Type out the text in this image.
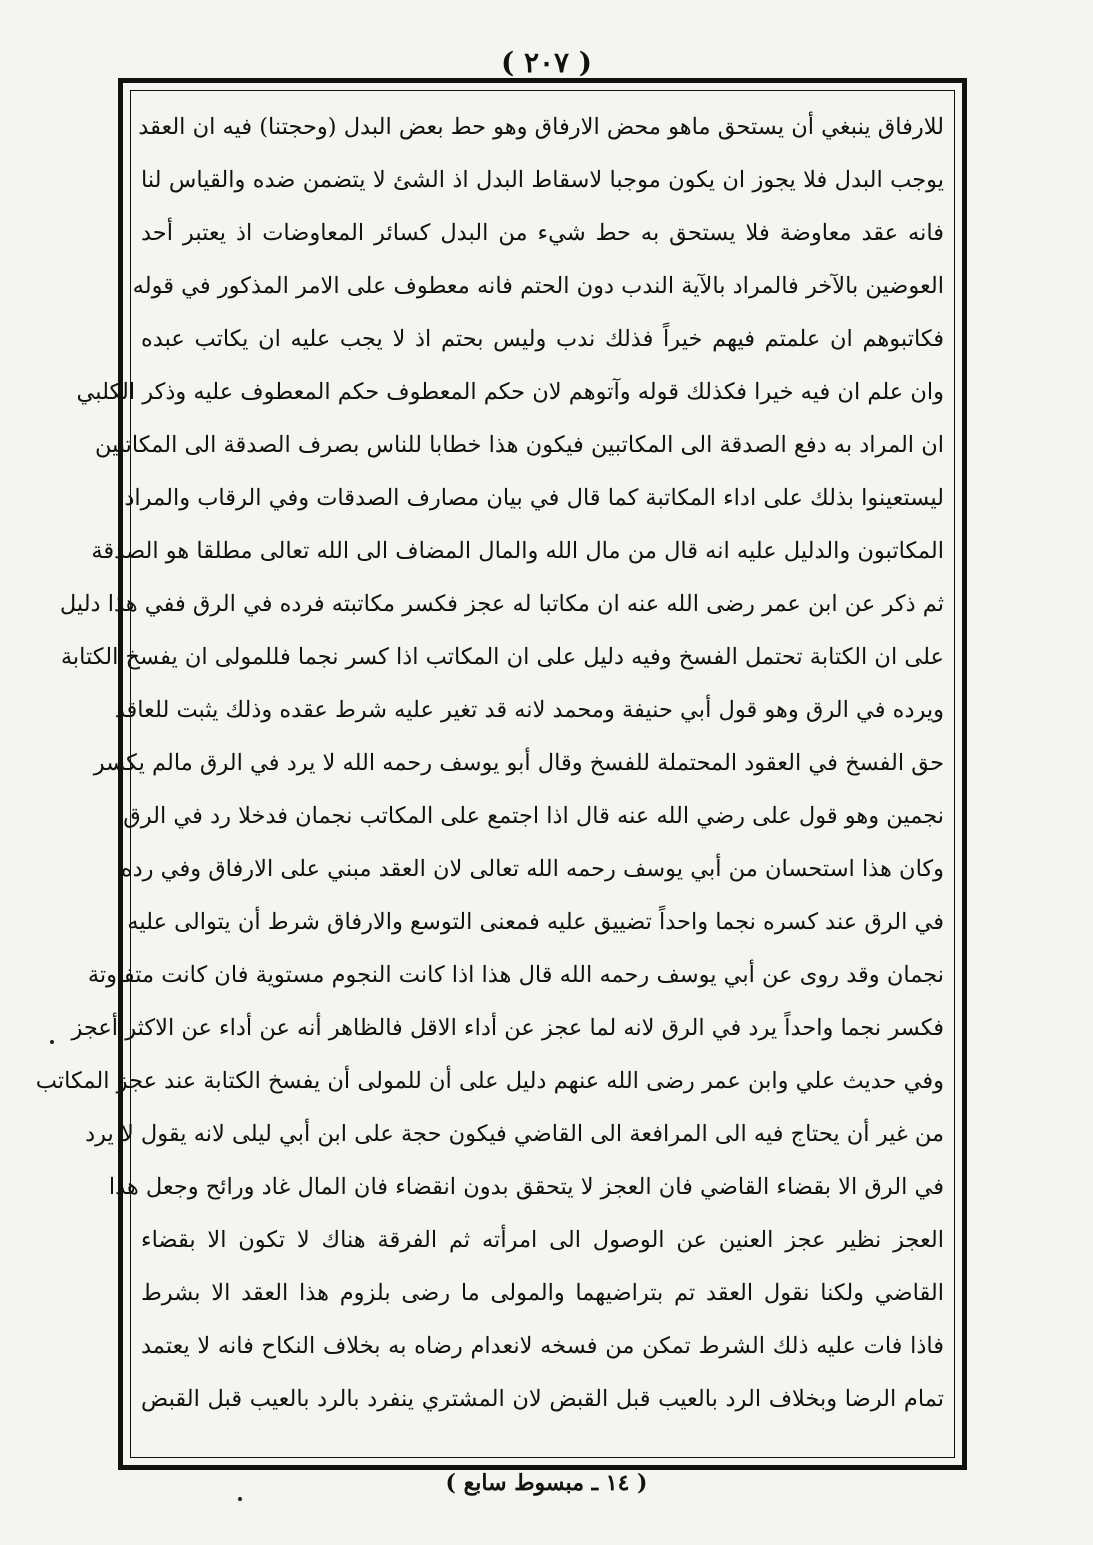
( ٢٠٧ )
للارفاق ينبغي أن يستحق ماهو محض الارفاق وهو حط بعض البدل (وحجتنا) فيه ان العقد
يوجب البدل فلا يجوز ان يكون موجبا لاسقاط البدل اذ الشئ لا يتضمن ضده والقياس لنا
فانه عقد معاوضة فلا يستحق به حط شيء من البدل كسائر المعاوضات اذ يعتبر أحد
العوضين بالآخر فالمراد بالآية الندب دون الحتم فانه معطوف على الامر المذكور في قوله
فكاتبوهم ان علمتم فيهم خيراً فذلك ندب وليس بحتم اذ لا يجب عليه ان يكاتب عبده
وان علم ان فيه خيرا فكذلك قوله وآتوهم لان حكم المعطوف حكم المعطوف عليه وذكر الكلبي
ان المراد به دفع الصدقة الى المكاتبين فيكون هذا خطابا للناس بصرف الصدقة الى المكاتبين
ليستعينوا بذلك على اداء المكاتبة كما قال في بيان مصارف الصدقات وفي الرقاب والمراد
المكاتبون والدليل عليه انه قال من مال الله والمال المضاف الى الله تعالى مطلقا هو الصدقة
ثم ذكر عن ابن عمر رضى الله عنه ان مكاتبا له عجز فكسر مكاتبته فرده في الرق ففي هذا دليل
على ان الكتابة تحتمل الفسخ وفيه دليل على ان المكاتب اذا كسر نجما فللمولى ان يفسخ الكتابة
ويرده في الرق وهو قول أبي حنيفة ومحمد لانه قد تغير عليه شرط عقده وذلك يثبت للعاقد
حق الفسخ في العقود المحتملة للفسخ وقال أبو يوسف رحمه الله لا يرد في الرق مالم يكسر
نجمين وهو قول على رضي الله عنه قال اذا اجتمع على المكاتب نجمان فدخلا رد في الرق
وكان هذا استحسان من أبي يوسف رحمه الله تعالى لان العقد مبني على الارفاق وفي رده
في الرق عند كسره نجما واحداً تضييق عليه فمعنى التوسع والارفاق شرط أن يتوالى عليه
نجمان وقد روى عن أبي يوسف رحمه الله قال هذا اذا كانت النجوم مستوية فان كانت متفاوتة
فكسر نجما واحداً يرد في الرق لانه لما عجز عن أداء الاقل فالظاهر أنه عن أداء عن الاكثر أعجز
وفي حديث علي وابن عمر رضى الله عنهم دليل على أن للمولى أن يفسخ الكتابة عند عجز المكاتب
من غير أن يحتاج فيه الى المرافعة الى القاضي فيكون حجة على ابن أبي ليلى لانه يقول لا يرد
في الرق الا بقضاء القاضي فان العجز لا يتحقق بدون انقضاء فان المال غاد ورائح وجعل هذا
العجز نظير عجز العنين عن الوصول الى امرأته ثم الفرقة هناك لا تكون الا بقضاء
القاضي ولكنا نقول العقد تم بتراضيهما والمولى ما رضى بلزوم هذا العقد الا بشرط
فاذا فات عليه ذلك الشرط تمكن من فسخه لانعدام رضاه به بخلاف النكاح فانه لا يعتمد
تمام الرضا وبخلاف الرد بالعيب قبل القبض لان المشتري ينفرد بالرد بالعيب قبل القبض
( ١٤ ـ مبسوط سابع )
